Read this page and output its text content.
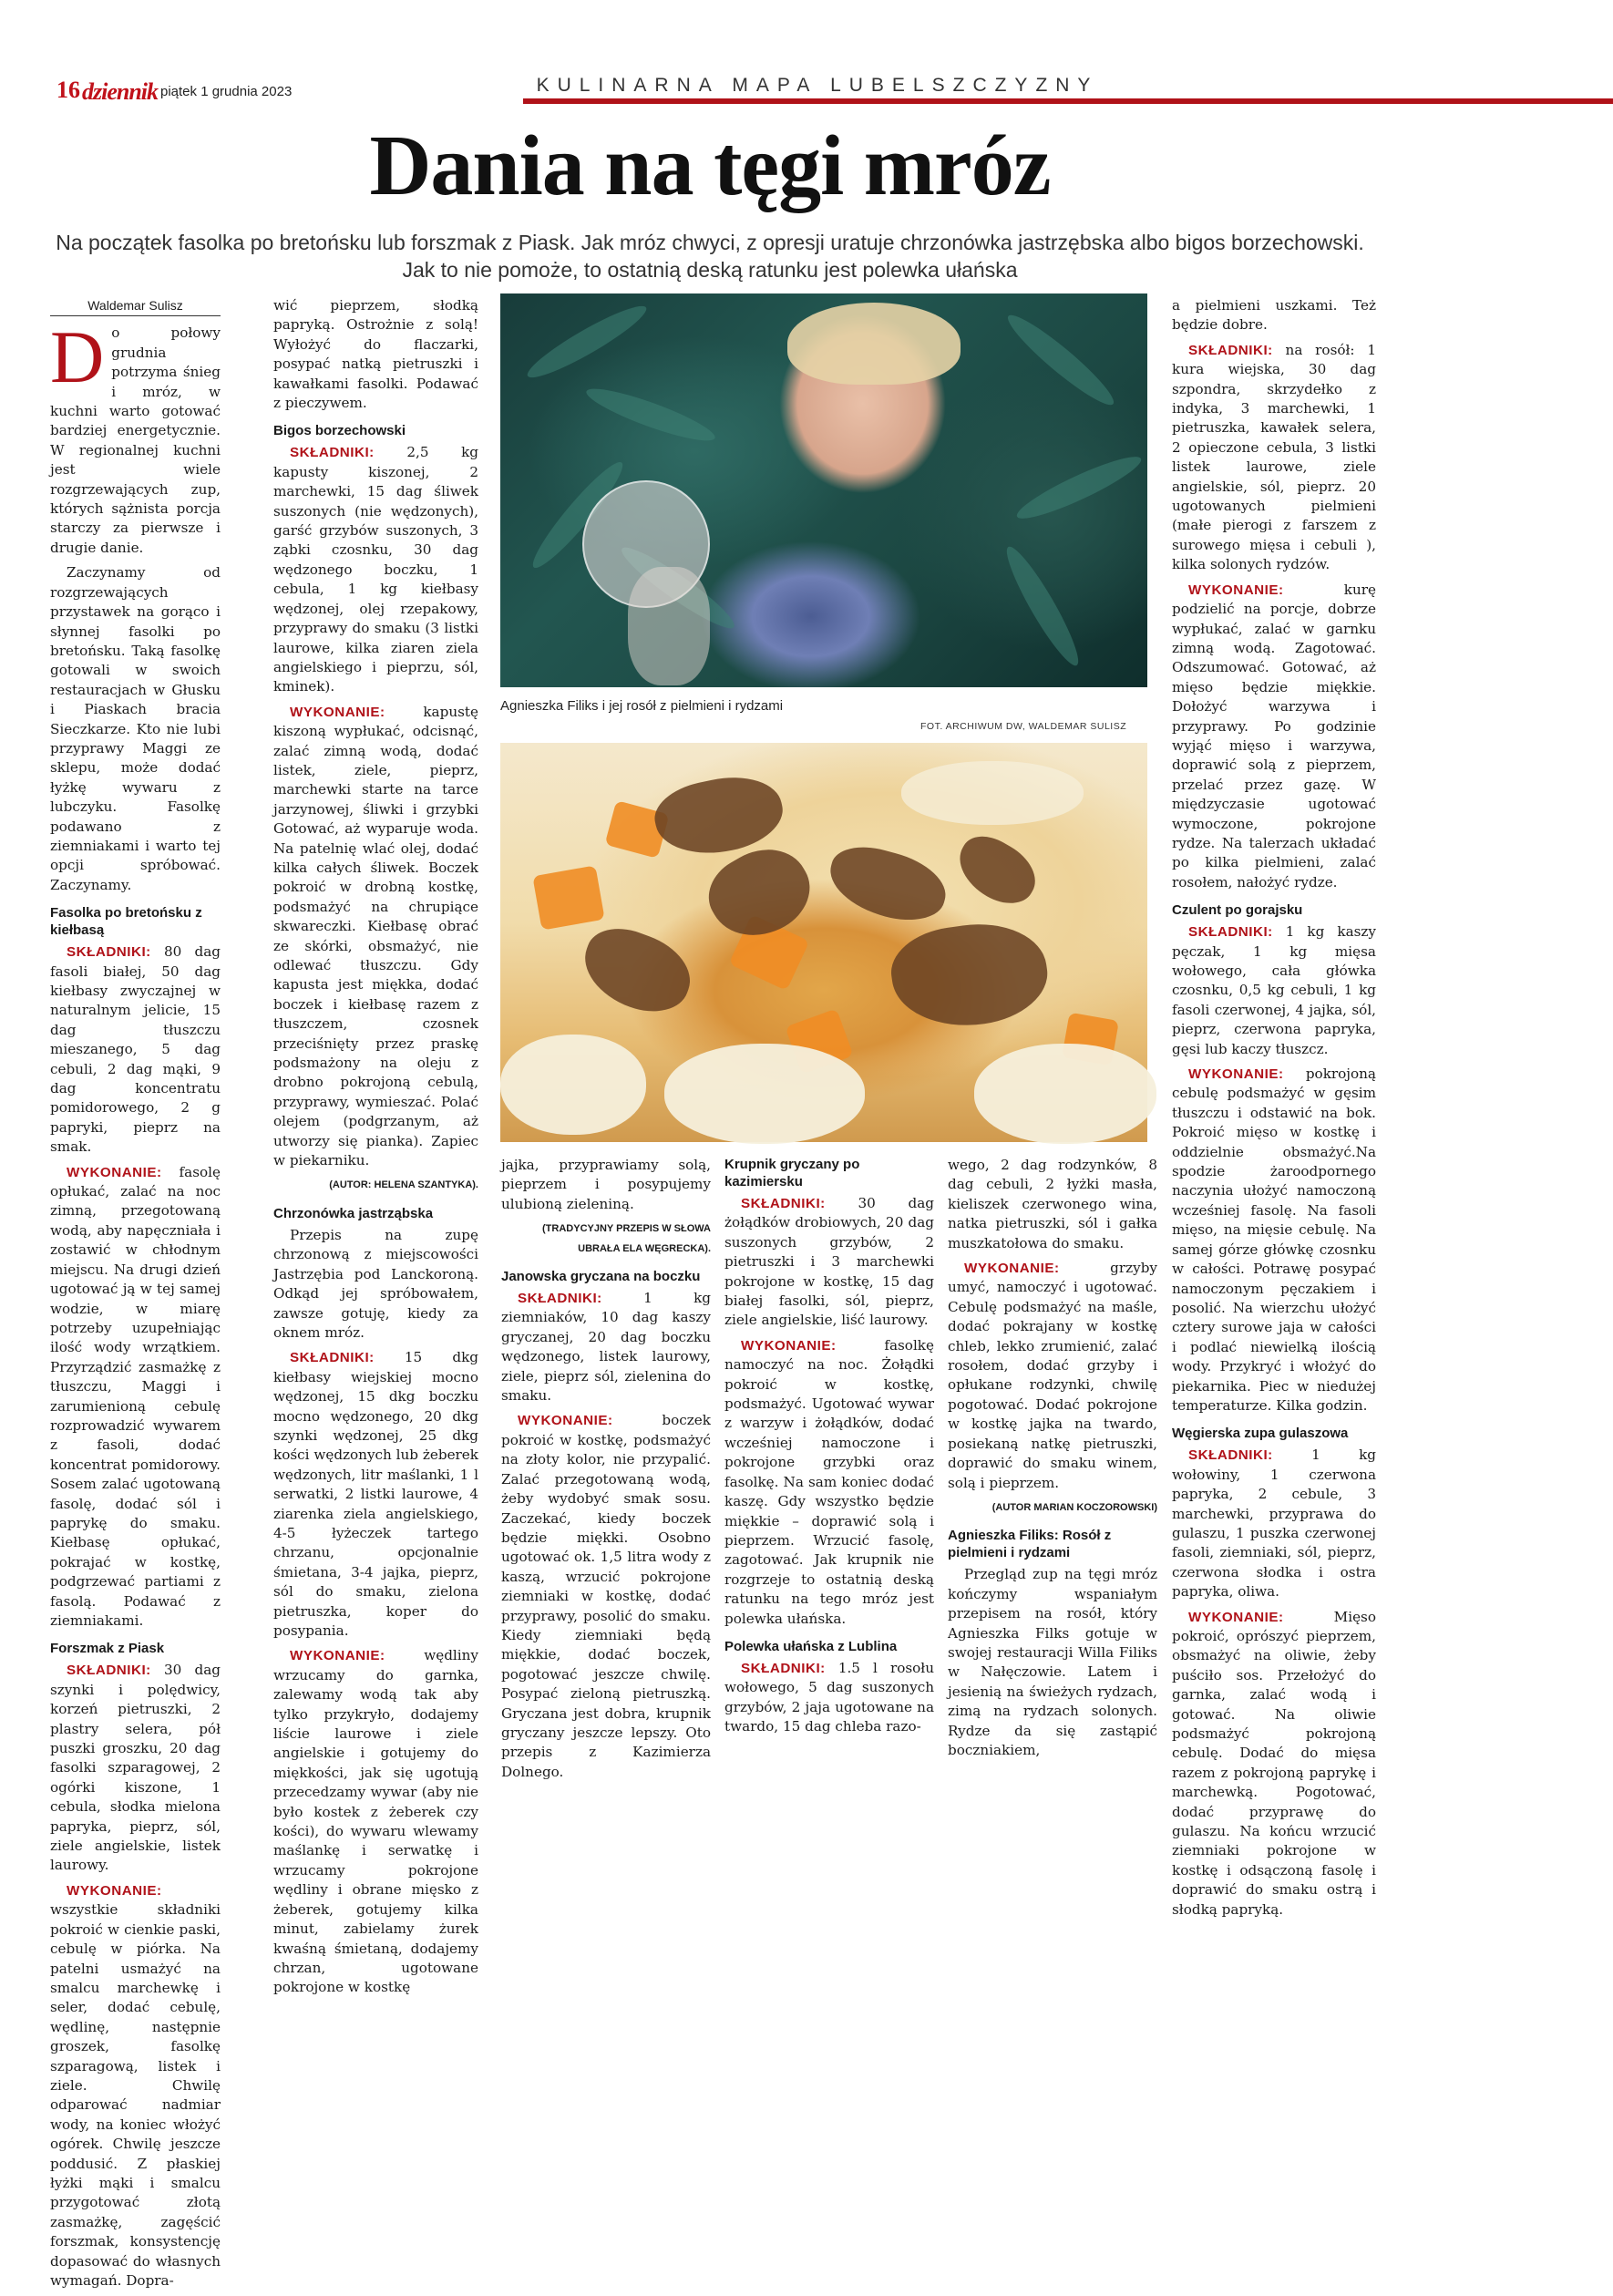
16 dziennik piątek 1 grudnia 2023	KULINARNA MAPA LUBELSZCZYZNY
Dania na tęgi mróz
Na początek fasolka po bretońsku lub forszmak z Piask. Jak mróz chwyci, z opresji uratuje chrzonówka jastrzębska albo bigos borzechowski. Jak to nie pomoże, to ostatnią deską ratunku jest polewka ułańska
Waldemar Sulisz

Do połowy grudnia potrzyma śnieg i mróz, w kuchni warto gotować bardziej energetycznie. W regionalnej kuchni jest wiele rozgrzewających zup, których sążnista porcja starczy za pierwsze i drugie danie.

Zaczynamy od rozgrzewających przystawek na gorąco i słynnej fasolki po bretońsku. Taką fasolkę gotowali w swoich restauracjach w Głusku i Piaskach bracia Sieczkarze. Kto nie lubi przyprawy Maggi ze sklepu, może dodać łyżkę wywaru z lubczyku. Fasolkę podawano z ziemniakami i warto tej opcji spróbować. Zaczynamy.

Fasolka po bretońsku z kiełbasą

SKŁADNIKI: 80 dag fasoli białej, 50 dag kiełbasy zwyczajnej w naturalnym jelicie, 15 dag tłuszczu mieszanego, 5 dag cebuli, 2 dag mąki, 9 dag koncentratu pomidorowego, 2 g papryki, pieprz na smak.

WYKONANIE: fasolę opłukać, zalać na noc zimną, przegotowaną wodą, aby napęczniała i zostawić w chłodnym miejscu. Na drugi dzień ugotować ją w tej samej wodzie, w miarę potrzeby uzupełniając ilość wody wrzątkiem. Przyrządzić zasmażkę z tłuszczu, Maggi i zarumienioną cebulę rozprowadzić wywarem z fasoli, dodać koncentrat pomidorowy. Sosem zalać ugotowaną fasolę, dodać sól i paprykę do smaku. Kiełbasę opłukać, pokrajać w kostkę, podgrzewać partiami z fasolą. Podawać z ziemniakami.

Forszmak z Piask

SKŁADNIKI: 30 dag szynki i polędwicy, korzeń pietruszki, 2 plastry selera, pół puszki groszku, 20 dag fasolki szparagowej, 2 ogórki kiszone, 1 cebula, słodka mielona papryka, pieprz, sól, ziele angielskie, listek laurowy.

WYKONANIE: wszystkie składniki pokroić w cienkie paski, cebulę w piórka. Na patelni usmażyć na smalcu marchewkę i seler, dodać cebulę, wędlinę, następnie groszek, fasolkę szparagową, listek i ziele. Chwilę odparować nadmiar wody, na koniec włożyć ogórek. Chwilę jeszcze poddusić. Z płaskiej łyżki mąki i smalcu przygotować złotą zasmażkę, zagęścić forszmak, konsystencję dopasować do własnych wymagań. Dopra-

wić pieprzem, słodką papryką. Ostrożnie z solą! Wyłożyć do flaczarki, posypać natką pietruszki i kawałkami fasolki. Podawać z pieczywem.

Bigos borzechowski

SKŁADNIKI: 2,5 kg kapusty kiszonej, 2 marchewki, 15 dag śliwek suszonych (nie wędzonych), garść grzybów suszonych, 3 ząbki czosnku, 30 dag wędzonego boczku, 1 cebula, 1 kg kiełbasy wędzonej, olej rzepakowy, przyprawy do smaku (3 listki laurowe, kilka ziaren ziela angielskiego i pieprzu, sól, kminek).

WYKONANIE:	kapustę kiszoną wypłukać, odcisnąć, zalać zimną wodą, dodać listek, ziele, pieprz, marchewki starte na tarce jarzynowej, śliwki i grzybki Gotować, aż wyparuje woda. Na patelnię wlać olej, dodać kilka całych śliwek. Boczek pokroić w drobną kostkę, podsmażyć na chrupiące skwareczki. Kiełbasę obrać ze skórki, obsmażyć, nie odlewać tłuszczu. Gdy kapusta jest miękka, dodać boczek i kiełbasę razem z tłuszczem, czosnek przeciśnięty przez praskę podsmażony na oleju z drobno pokrojoną cebulą, przyprawy, wymieszać. Polać olejem (podgrzanym, aż utworzy się pianka). Zapiec w piekarniku.

(AUTOR: HELENA SZANTYKA).

Chrzonówka jastrząbska

Przepis na zupę chrzonową z miejscowości Jastrzębia pod Lanckoroną. Odkąd jej spróbowałem, zawsze gotuję, kiedy za oknem mróz.

SKŁADNIKI: 15 dkg kiełbasy wiejskiej mocno wędzonej, 15 dkg boczku mocno wędzonego, 20 dkg szynki wędzonej, 25 dkg kości wędzonych lub żeberek wędzonych, litr maślanki, 1 l serwatki, 2 listki laurowe, 4 ziarenka ziela angielskiego, 4-5 łyżeczek tartego chrzanu, opcjonalnie śmietana, 3-4 jajka, pieprz, sól do smaku, zielona pietruszka, koper do posypania.

WYKONANIE:	wędliny wrzucamy do garnka, zalewamy wodą tak aby tylko przykryło, dodajemy liście laurowe i ziele angielskie i gotujemy do miękkości, jak się ugotują przecedzamy wywar (aby nie było kostek z żeberek czy kości), do wywaru wlewamy maślankę i serwatkę i wrzucamy pokrojone wędliny i obrane mięsko z żeberek, gotujemy kilka minut, zabielamy żurek kwaśną śmietaną, dodajemy chrzan, ugotowane pokrojone w kostkę

Agnieszka Filiks i jej rosół z pielmieni i rydzami
FOT. ARCHIWUM DW, WALDEMAR SULISZ

jajka, przyprawiamy solą, pieprzem i posypujemy ulubioną zieleniną.

(TRADYCYJNY PRZEPIS W SŁOWA UBRAŁA ELA WĘGRECKA).

Janowska gryczana na boczku

SKŁADNIKI:	1 kg ziemniaków, 10 dag kaszy gryczanej, 20 dag boczku wędzonego, listek laurowy, ziele, pieprz sól, zielenina do smaku.

WYKONANIE:	boczek pokroić w kostkę, podsmażyć na złoty kolor, nie przypalić. Zalać przegotowaną wodą, żeby wydobyć smak sosu. Zaczekać, kiedy boczek będzie miękki. Osobno ugotować ok. 1,5 litra wody z kaszą, wrzucić pokrojone ziemniaki w kostkę, dodać przyprawy, posolić do smaku. Kiedy ziemniaki będą miękkie, dodać boczek, pogotować jeszcze chwilę. Posypać zieloną pietruszką. Gryczana jest dobra, krupnik gryczany jeszcze lepszy. Oto przepis z Kazimierza Dolnego.

Krupnik gryczany po kazimiersku

SKŁADNIKI: 30 dag żołądków drobiowych, 20 dag suszonych grzybów, 2 pietruszki i 3 marchewki pokrojone w kostkę, 15 dag białej fasolki, sól, pieprz, ziele angielskie, liść laurowy.

WYKONANIE:	fasolkę namoczyć na noc. Żołądki pokroić w kostkę, podsmażyć. Ugotować wywar z warzyw i żołądków, dodać wcześniej namoczone i pokrojone grzybki oraz fasolkę. Na sam koniec dodać kaszę. Gdy wszystko będzie miękkie – doprawić solą i pieprzem. Wrzucić fasolę, zagotować. Jak krupnik nie rozgrzeje to ostatnią deską ratunku na tego mróz jest polewka ułańska.

Polewka ułańska z Lublina

SKŁADNIKI: 1.5 l rosołu wołowego, 5 dag suszonych grzybów, 2 jaja ugotowane na twardo, 15 dag chleba razo-

wego, 2 dag rodzynków, 8 dag cebuli, 2 łyżki masła, kieliszek czerwonego wina, natka pietruszki, sól i gałka muszkatołowa do smaku.

WYKONANIE:	grzyby umyć, namoczyć i ugotować. Cebulę podsmażyć na maśle, dodać pokrajany w kostkę chleb, lekko zrumienić, zalać rosołem, dodać grzyby i opłukane rodzynki, chwilę pogotować. Dodać pokrojone w kostkę jajka na twardo, posiekaną natkę pietruszki, doprawić do smaku winem, solą i pieprzem.

(AUTOR MARIAN KOCZOROWSKI)

Agnieszka Filiks: Rosół z pielmieni i rydzami

Przegląd zup na tęgi mróz kończymy wspaniałym przepisem na rosół, który Agnieszka Filks gotuje w swojej restauracji Willa Filiks w Nałęczowie. Latem i jesienią na świeżych rydzach, zimą na rydzach solonych. Rydze da się zastąpić boczniakiem,

a pielmieni uszkami. Też będzie dobre.

SKŁADNIKI: na rosół: 1 kura wiejska, 30 dag szpondra, skrzydełko z indyka, 3 marchewki, 1 pietruszka, kawałek selera, 2 opieczone cebula, 3 listki listek laurowe, ziele angielskie, sól, pieprz. 20 ugotowanych pielmieni (małe pierogi z farszem z surowego mięsa i cebuli ), kilka solonych rydzów.

WYKONANIE:	kurę podzielić na porcje, dobrze wypłukać, zalać w garnku zimną wodą. Zagotować. Odszumować. Gotować, aż mięso będzie miękkie. Dołożyć warzywa i przyprawy. Po godzinie wyjąć mięso i warzywa, doprawić solą z pieprzem, przelać przez gazę. W międzyczasie ugotować wymoczone, pokrojone rydze. Na talerzach układać po kilka pielmieni, zalać rosołem, nałożyć rydze.

Czulent po gorajsku

SKŁADNIKI: 1 kg kaszy pęczak, 1 kg mięsa wołowego, cała główka czosnku, 0,5 kg cebuli, 1 kg fasoli czerwonej, 4 jajka, sól, pieprz, czerwona papryka, gęsi lub kaczy tłuszcz.

WYKONANIE: pokrojoną cebulę podsmażyć w gęsim tłuszczu i odstawić na bok. Pokroić mięso w kostkę i oddzielnie obsmażyć.Na spodzie żaroodpornego naczynia ułożyć namoczoną wcześniej fasolę. Na fasoli mięso, na mięsie cebulę. Na samej górze główkę czosnku w całości. Potrawę posypać namoczonym pęczakiem i posolić. Na wierzchu ułożyć cztery surowe jaja w całości i podlać niewielką ilością wody. Przykryć i włożyć do piekarnika. Piec w niedużej temperaturze. Kilka godzin.

Węgierska zupa gulaszowa

SKŁADNIKI:	1 kg wołowiny, 1 czerwona papryka, 2 cebule, 3 marchewki, przyprawa do gulaszu, 1 puszka czerwonej fasoli, ziemniaki, sól, pieprz, czerwona słodka i ostra papryka, oliwa.

WYKONANIE:	Mięso pokroić, oprószyć pieprzem, obsmażyć na oliwie, żeby puściło sos. Przełożyć do garnka, zalać wodą i gotować. Na oliwie podsmażyć pokrojoną cebulę. Dodać do mięsa razem z pokrojoną paprykę i marchewką. Pogotować, dodać przyprawę do gulaszu. Na końcu wrzucić ziemniaki pokrojone w kostkę i odsączoną fasolę i doprawić do smaku ostrą i słodką papryką.
